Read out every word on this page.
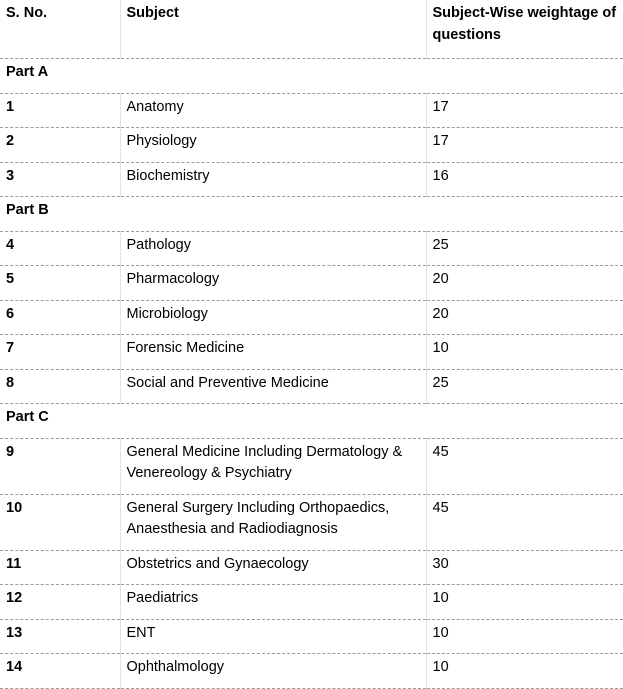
S. No.	Subject	Subject-Wise weightage of questions
Part A		
1	Anatomy	17
2	Physiology	17
3	Biochemistry	16
Part B		
4	Pathology	25
5	Pharmacology	20
6	Microbiology	20
7	Forensic Medicine	10
8	Social and Preventive Medicine	25
Part C		
9	General Medicine Including Dermatology & Venereology & Psychiatry	45
10	General Surgery Including Orthopaedics, Anaesthesia and Radiodiagnosis	45
11	Obstetrics and Gynaecology	30
12	Paediatrics	10
13	ENT	10
14	Ophthalmology	10
